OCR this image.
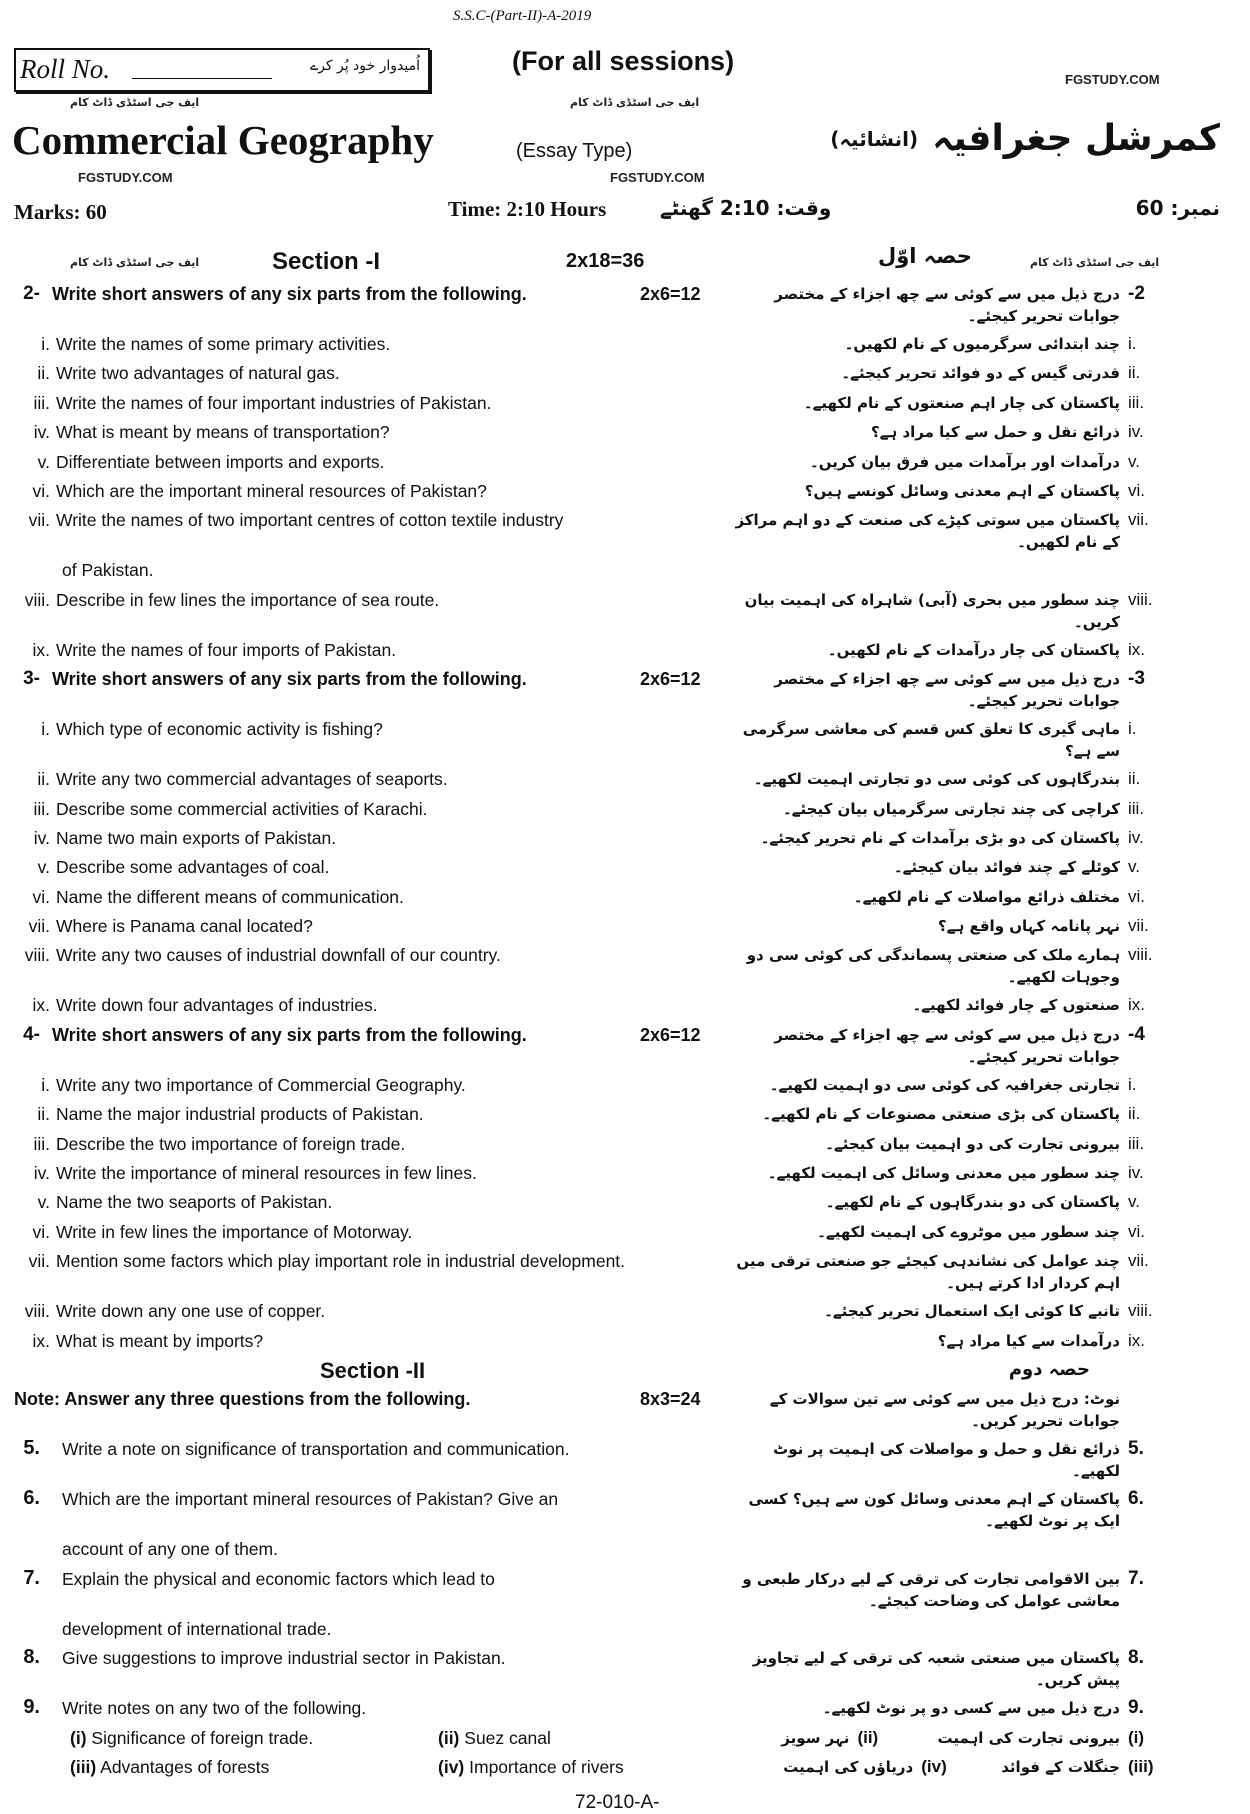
S.S.C-(Part-II)-A-2019
Roll No.	اُمیدوار خود پُر کرے	(For all sessions)
FGSTUDY.COM
ایف جی اسٹڈی ڈاٹ کام	ایف جی اسٹڈی ڈاٹ کام
Commercial Geography	(Essay Type)	کمرشل جغرافیہ
(انشائیہ)
FGSTUDY.COM	FGSTUDY.COM
Marks: 60	Time: 2:10 Hours	وقت: 2:10 گھنٹے	نمبر: 60
ایف جی اسٹڈی ڈاٹ کام	Section -I	2x18=36	حصہ اوّل	ایف جی اسٹڈی ڈاٹ کام
2- Write short answers of any six parts from the following.	2x6=12	درج ذیل میں سے کوئی سے چھ اجزاء کے مختصر جوابات تحریر کیجئے۔
-2
i. Write the names of some primary activities.	چند ابتدائی سرگرمیوں کے نام لکھیں۔ i.
ii. Write two advantages of natural gas.	قدرتی گیس کے دو فوائد تحریر کیجئے۔ ii.
iii. Write the names of four important industries of Pakistan.	پاکستان کی چار اہم صنعتوں کے نام لکھیے۔ iii.
iv. What is meant by means of transportation?	ذرائع نقل و حمل سے کیا مراد ہے؟ iv.
v. Differentiate between imports and exports.	درآمدات اور برآمدات میں فرق بیان کریں۔ v.
vi. Which are the important mineral resources of Pakistan?	پاکستان کے اہم معدنی وسائل کونسے ہیں؟ vi.
vii. Write the names of two important centres of cotton textile industry	پاکستان میں سوتی کپڑے کی صنعت کے دو اہم مراکز کے نام لکھیں۔
vii.
of Pakistan.
viii. Describe in few lines the importance of sea route.	چند سطور میں بحری (آبی) شاہراہ کی اہمیت بیان کریں۔
viii.
ix. Write the names of four imports of Pakistan.	پاکستان کی چار درآمدات کے نام لکھیں۔ ix.
3- Write short answers of any six parts from the following.	2x6=12	درج ذیل میں سے کوئی سے چھ اجزاء کے مختصر جوابات تحریر کیجئے۔
-3
i. Which type of economic activity is fishing?	ماہی گیری کا تعلق کس قسم کی معاشی سرگرمی سے ہے؟
i.
ii. Write any two commercial advantages of seaports.	بندرگاہوں کی کوئی سی دو تجارتی اہمیت لکھیے۔ ii.
iii. Describe some commercial activities of Karachi.	کراچی کی چند تجارتی سرگرمیاں بیان کیجئے۔ iii.
iv. Name two main exports of Pakistan.	پاکستان کی دو بڑی برآمدات کے نام تحریر کیجئے۔ iv.
v. Describe some advantages of coal.	کوئلے کے چند فوائد بیان کیجئے۔ v.
vi. Name the different means of communication.	مختلف ذرائع مواصلات کے نام لکھیے۔ vi.
vii. Where is Panama canal located?	نہر پانامہ کہاں واقع ہے؟ vii.
viii. Write any two causes of industrial downfall of our country.	ہمارے ملک کی صنعتی پسماندگی کی کوئی سی دو وجوہات لکھیے۔
viii.
ix. Write down four advantages of industries.	صنعتوں کے چار فوائد لکھیے۔ ix.
4- Write short answers of any six parts from the following.	2x6=12	درج ذیل میں سے کوئی سے چھ اجزاء کے مختصر جوابات تحریر کیجئے۔
-4
i. Write any two importance of Commercial Geography.	تجارتی جغرافیہ کی کوئی سی دو اہمیت لکھیے۔ i.
ii. Name the major industrial products of Pakistan.	پاکستان کی بڑی صنعتی مصنوعات کے نام لکھیے۔ ii.
iii. Describe the two importance of foreign trade.	بیرونی تجارت کی دو اہمیت بیان کیجئے۔ iii.
iv. Write the importance of mineral resources in few lines.	چند سطور میں معدنی وسائل کی اہمیت لکھیے۔ iv.
v. Name the two seaports of Pakistan.	پاکستان کی دو بندرگاہوں کے نام لکھیے۔ v.
vi. Write in few lines the importance of Motorway.	چند سطور میں موٹروے کی اہمیت لکھیے۔ vi.
vii. Mention some factors which play important role in industrial development.	چند عوامل کی نشاندہی کیجئے جو صنعتی ترقی میں اہم کردار ادا کرتے ہیں۔
vii.
viii. Write down any one use of copper.	تانبے کا کوئی ایک استعمال تحریر کیجئے۔ viii.
ix. What is meant by imports?	درآمدات سے کیا مراد ہے؟ ix.
Section -II	حصہ دوم
Note: Answer any three questions from the following.	8x3=24	نوٹ: درج ذیل میں سے کوئی سے تین سوالات کے جوابات تحریر کریں۔
5. Write a note on significance of transportation and communication.	ذرائع نقل و حمل و مواصلات کی اہمیت پر نوٹ لکھیے۔
5.
6. Which are the important mineral resources of Pakistan? Give an	پاکستان کے اہم معدنی وسائل کون سے ہیں؟ کسی ایک پر نوٹ لکھیے۔
6.
account of any one of them.
7. Explain the physical and economic factors which lead to	بین الاقوامی تجارت کی ترقی کے لیے درکار طبعی و معاشی عوامل کی وضاحت کیجئے۔
7.
development of international trade.
8. Give suggestions to improve industrial sector in Pakistan.	پاکستان میں صنعتی شعبہ کی ترقی کے لیے تجاویز پیش کریں۔
8.
9. Write notes on any two of the following.	درج ذیل میں سے کسی دو پر نوٹ لکھیے۔ 9.
(i) Significance of foreign trade.	(ii) Suez canal	نہر سویز (ii)	بیرونی تجارت کی اہمیت (i)
(iii) Advantages of forests	(iv) Importance of rivers	دریاؤں کی اہمیت (iv)	جنگلات کے فوائد (iii)
72-010-A-
